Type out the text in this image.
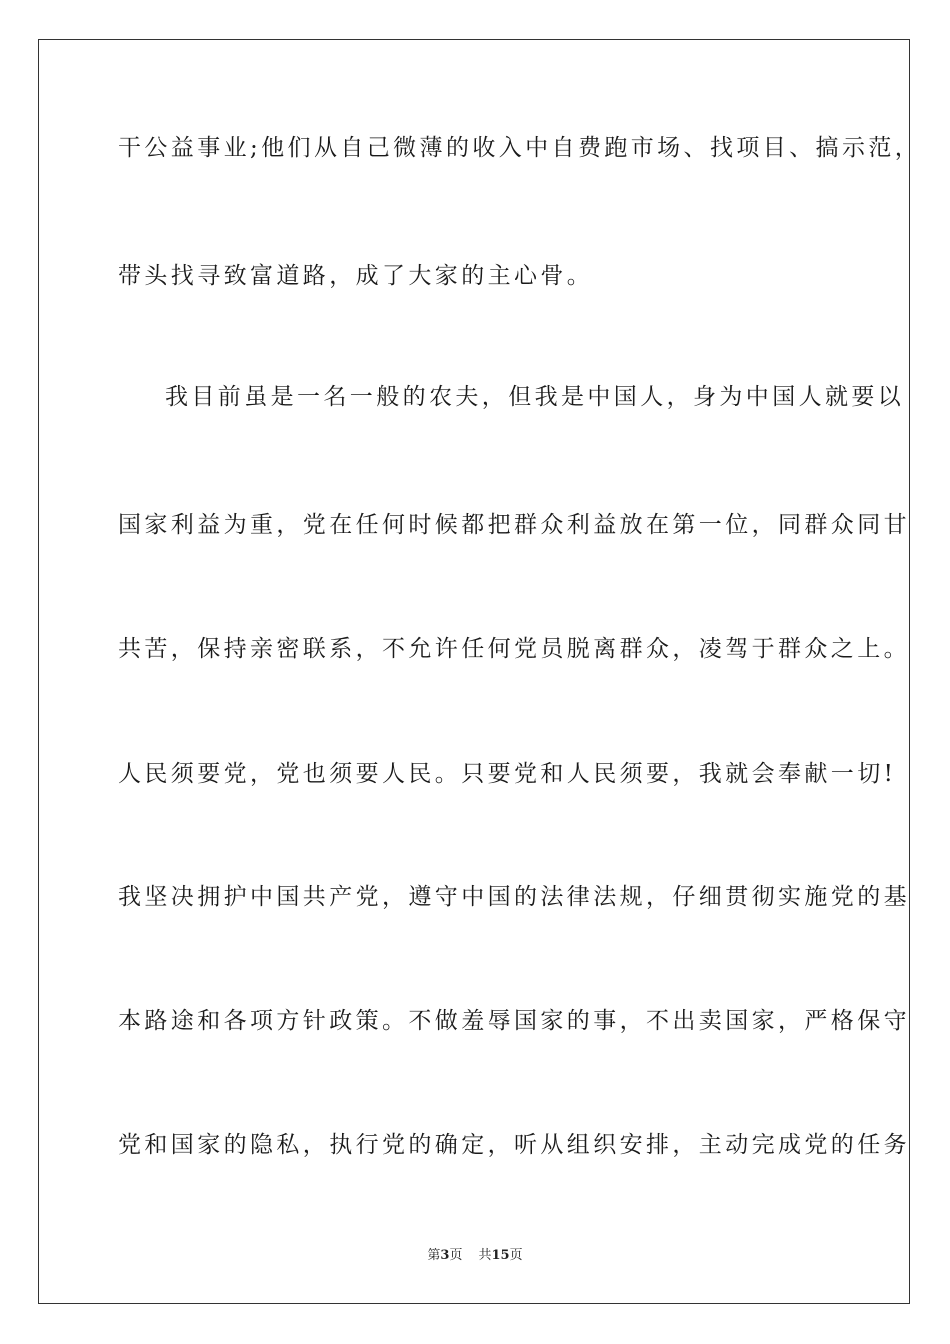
干公益事业;他们从自己微薄的收入中自费跑市场、找项目、搞示范，
带头找寻致富道路，成了大家的主心骨。
我目前虽是一名一般的农夫，但我是中国人，身为中国人就要以
国家利益为重，党在任何时候都把群众利益放在第一位，同群众同甘
共苦，保持亲密联系，不允许任何党员脱离群众，凌驾于群众之上。
人民须要党，党也须要人民。只要党和人民须要，我就会奉献一切!
我坚决拥护中国共产党，遵守中国的法律法规，仔细贯彻实施党的基
本路途和各项方针政策。不做羞辱国家的事，不出卖国家，严格保守
党和国家的隐私，执行党的确定，听从组织安排，主动完成党的任务
第3页 共15页
